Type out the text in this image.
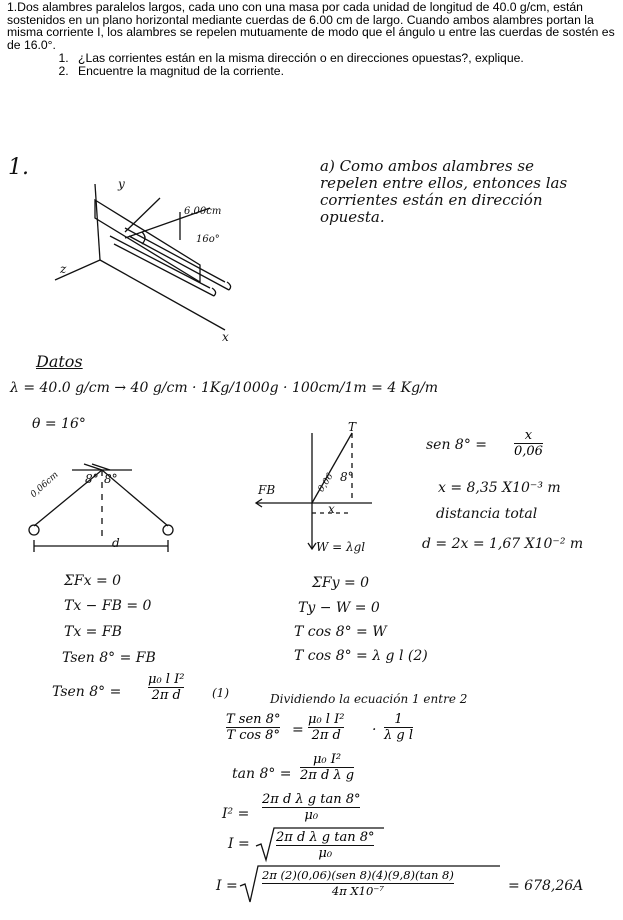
1.Dos alambres paralelos largos, cada uno con una masa por cada unidad de longitud de 40.0 g/cm, están sostenidos en un plano horizontal mediante cuerdas de 6.00 cm de largo. Cuando ambos alambres portan la misma corriente I, los alambres se repelen mutuamente de modo que el ángulo u entre las cuerdas de sostén es de 16.0°.

1. ¿Las corrientes están en la misma dirección o en direcciones opuestas?, explique.
2. Encuentre la magnitud de la corriente.
1.
y
z
x
6.00cm
16o°
a) Como ambos alambres se repelen entre ellos, entonces las corrientes están en dirección opuesta.
Datos
λ = 40.0 g/cm → 40 g/cm · 1Kg/1000g · 100cm/1m = 4 Kg/m
θ = 16°
0,06cm 8° 8°
d
T
FB	0,06 8°
x
W = λgl
sen 8° =
x
0,06
x = 8,35 X10⁻³ m
distancia total
d = 2x = 1,67 X10⁻² m
ΣFx = 0
Tx − FB = 0
Tx = FB
Tsen 8° = FB
Tsen 8° =
μ₀ l I²
2π d	(1)
ΣFy = 0
Ty − W = 0
T cos 8° = W
T cos 8° = λ g l (2)
Dividiendo la ecuación 1 entre 2
T sen 8°
T cos 8° =
μ₀ l I²
2π d ·
1
λ g l
tan 8° =
μ₀ I²
2π d λ g
I² =
2π d λ g tan 8°
μ₀
I = 2π d λ g tan 8°
μ₀
I =
2π (2)(0,06)(sen 8)(4)(9,8)(tan 8)
4π X10⁻⁷	= 678,26A
